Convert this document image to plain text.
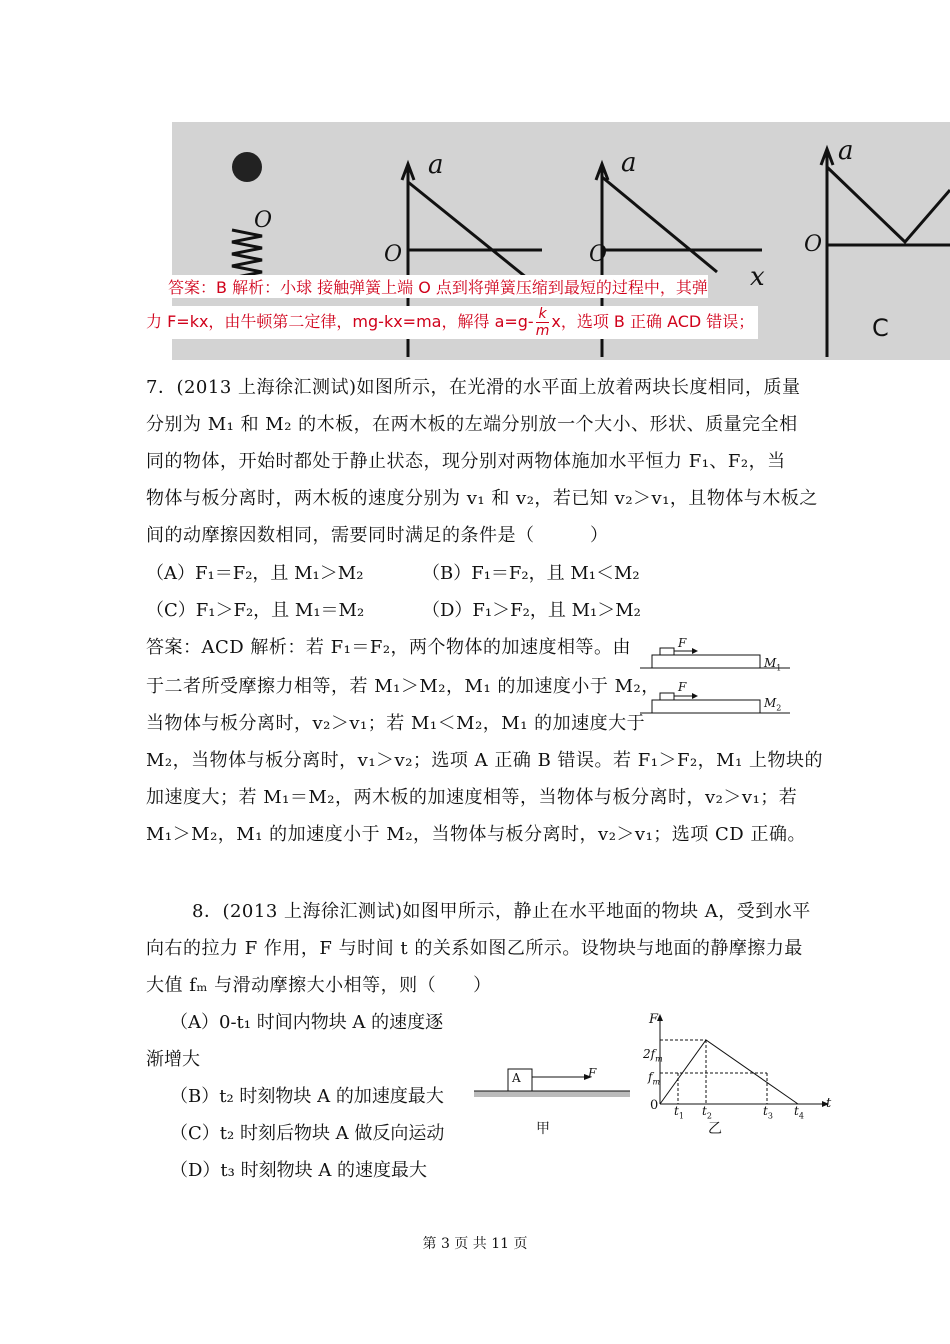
O
a
O
a
O
x
a
O
C
答案：B 解析：小球 接触弹簧上端 O 点到将弹簧压缩到最短的过程中，其弹
力 F=kx，由牛顿第二定律，mg-kx=ma，解得 $a=g- \frac{k}{m}$ x，选项 B 正确 ACD 错误；
7．(2013 上海徐汇测试)如图所示，在光滑的水平面上放着两块长度相同，质量
分别为 M₁ 和 M₂ 的木板，在两木板的左端分别放一个大小、形状、质量完全相
同的物体，开始时都处于静止状态，现分别对两物体施加水平恒力 F₁、F₂，当
物体与板分离时，两木板的速度分别为 v₁ 和 v₂，若已知 v₂＞v₁，且物体与木板之
间的动摩擦因数相同，需要同时满足的条件是（　　　）
（A）F₁＝F₂，且 M₁＞M₂	（B）F₁＝F₂，且 M₁＜M₂
（C）F₁＞F₂，且 M₁＝M₂	（D）F₁＞F₂，且 M₁＞M₂
答案：ACD 解析：若 F₁＝F₂，两个物体的加速度相等。由
于二者所受摩擦力相等，若 M₁＞M₂，M₁ 的加速度小于 M₂，
当物体与板分离时，v₂＞v₁；若 M₁＜M₂，M₁ 的加速度大于
M₂，当物体与板分离时，v₁＞v₂；选项 A 正确 B 错误。若 F₁＞F₂，M₁ 上物块的
加速度大；若 M₁＝M₂，两木板的加速度相等，当物体与板分离时，v₂＞v₁；若
M₁＞M₂，M₁ 的加速度小于 M₂，当物体与板分离时，v₂＞v₁；选项 CD 正确。
F
$M_1$
F
$M_2$
8．(2013 上海徐汇测试)如图甲所示，静止在水平地面的物块 A，受到水平
向右的拉力 F 作用，F 与时间 t 的关系如图乙所示。设物块与地面的静摩擦力最
大值 fₘ 与滑动摩擦大小相等，则（　　）
（A）0-t₁ 时间内物块 A 的速度逐
渐增大
（B）t₂ 时刻物块 A 的加速度最大
（C）t₂ 时刻后物块 A 做反向运动
（D）t₃ 时刻物块 A 的速度最大
A	F
甲
F
t
0
$2f_m$
$f_m$
$t_1$ $t_2$	$t_3$ $t_4$
乙
第 3 页 共 11 页
